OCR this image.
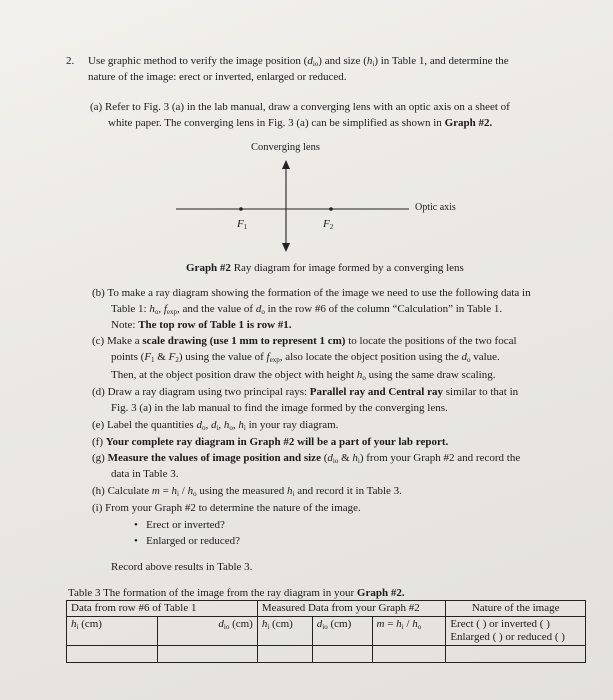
2. Use graphic method to verify the image position $(d_{io})$ and size $(h_i)$ in Table 1, and determine the
nature of the image: erect or inverted, enlarged or reduced.
(a) Refer to Fig. 3 (a) in the lab manual, draw a converging lens with an optic axis on a sheet of
white paper. The converging lens in Fig. 3 (a) can be simplified as shown in Graph #2.
Converging lens
Optic axis
F1	F2
Graph #2 Ray diagram for image formed by a converging lens
(b) To make a ray diagram showing the formation of the image we need to use the following data in
Table 1: $h_o$, $f_{exp}$, and the value of $d_o$ in the row #6 of the column “Calculation” in Table 1.
Note: The top row of Table 1 is row #1.
(c) Make a scale drawing (use 1 mm to represent 1 cm) to locate the positions of the two focal
points ($F_1$ & $F_2$) using the value of $f_{exp}$, also locate the object position using the $d_o$ value.
Then, at the object position draw the object with height $h_o$ using the same draw scaling.
(d) Draw a ray diagram using two principal rays: Parallel ray and Central ray similar to that in
Fig. 3 (a) in the lab manual to find the image formed by the converging lens.
(e) Label the quantities $d_o$, $d_i$, $h_o$, $h_i$ in your ray diagram.
(f) Your complete ray diagram in Graph #2 will be a part of your lab report.
(g) Measure the values of image position and size ($d_{io}$ & $h_i$) from your Graph #2 and record the
data in Table 3.
(h) Calculate $m = h_i / h_o$ using the measured $h_i$ and record it in Table 3.
(i) From your Graph #2 to determine the nature of the image.
•   Erect or inverted?
•   Enlarged or reduced?
Record above results in Table 3.
Table 3 The formation of the image from the ray diagram in your Graph #2.
Data from row #6 of Table 1		Measured Data from your Graph #2			Nature of the image
$h_i$ (cm)	$d_{io}$ (cm)	$h_i$ (cm)	$d_{io}$ (cm)	$m = h_i / h_o$	Erect ( ) or inverted ( )
Enlarged ( ) or reduced ( )
